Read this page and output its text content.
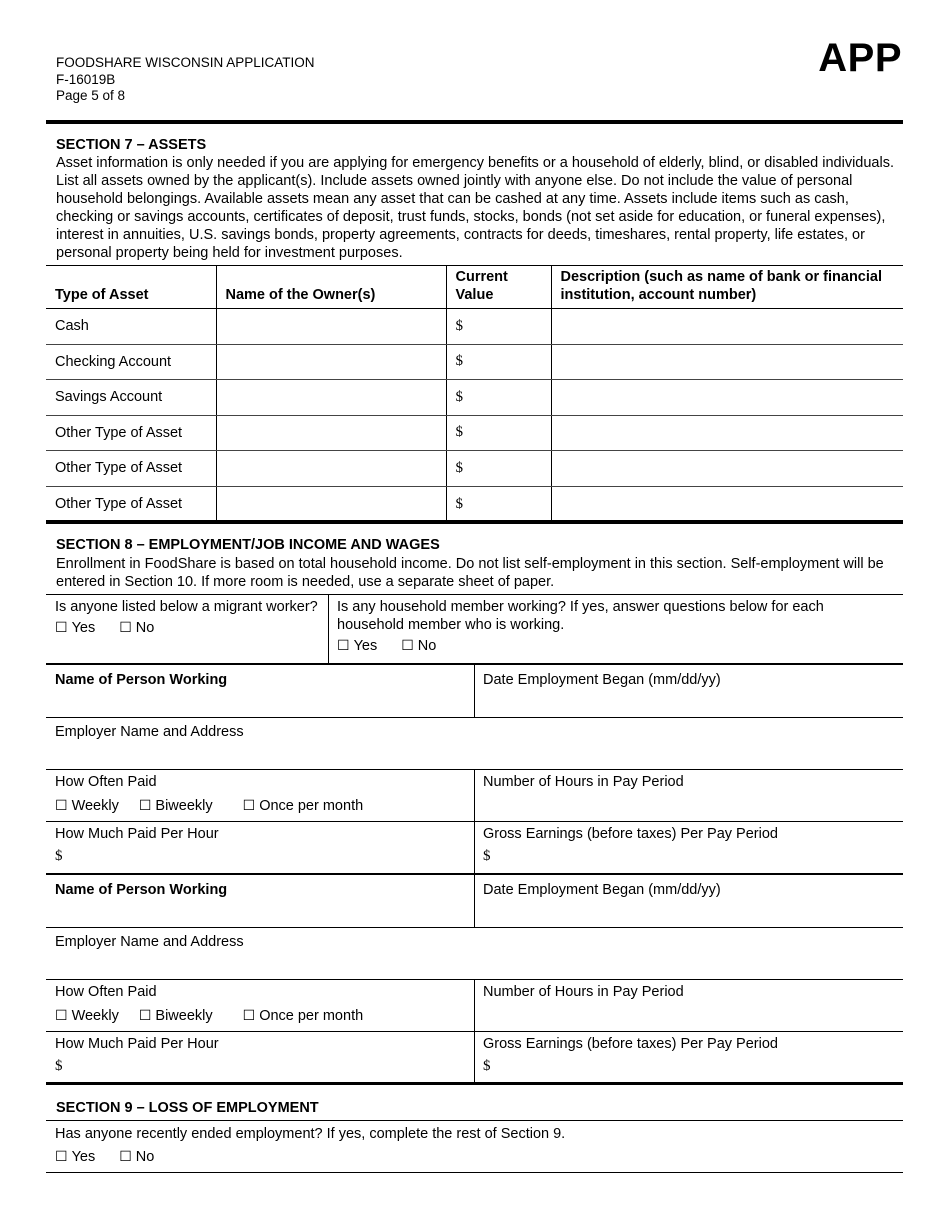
FOODSHARE WISCONSIN APPLICATION
F-16019B
Page 5 of 8
APP
SECTION 7 – ASSETS
Asset information is only needed if you are applying for emergency benefits or a household of elderly, blind, or disabled individuals. List all assets owned by the applicant(s). Include assets owned jointly with anyone else. Do not include the value of personal household belongings. Available assets mean any asset that can be cashed at any time. Assets include items such as cash, checking or savings accounts, certificates of deposit, trust funds, stocks, bonds (not set aside for education, or funeral expenses), interest in annuities, U.S. savings bonds, property agreements, contracts for deeds, timeshares, rental property, life estates, or personal property being held for investment purposes.
Type of Asset	Name of the Owner(s)	Current Value	Description (such as name of bank or financial institution, account number)
Cash		$	
Checking Account		$	
Savings Account		$	
Other Type of Asset		$	
Other Type of Asset		$	
Other Type of Asset		$	
SECTION 8 – EMPLOYMENT/JOB INCOME AND WAGES
Enrollment in FoodShare is based on total household income. Do not list self-employment in this section. Self-employment will be entered in Section 10. If more room is needed, use a separate sheet of paper.
Is anyone listed below a migrant worker?
☐ Yes ☐ No
Is any household member working? If yes, answer questions below for each household member who is working.
☐ Yes ☐ No
Name of Person Working	Date Employment Began (mm/dd/yy)
Employer Name and Address
How Often Paid
☐ Weekly ☐ Biweekly ☐ Once per month
Number of Hours in Pay Period
How Much Paid Per Hour
$
Gross Earnings (before taxes) Per Pay Period
$
Name of Person Working	Date Employment Began (mm/dd/yy)
Employer Name and Address
How Often Paid
☐ Weekly ☐ Biweekly ☐ Once per month
Number of Hours in Pay Period
How Much Paid Per Hour
$
Gross Earnings (before taxes) Per Pay Period
$
SECTION 9 – LOSS OF EMPLOYMENT
Has anyone recently ended employment? If yes, complete the rest of Section 9.
☐ Yes ☐ No
